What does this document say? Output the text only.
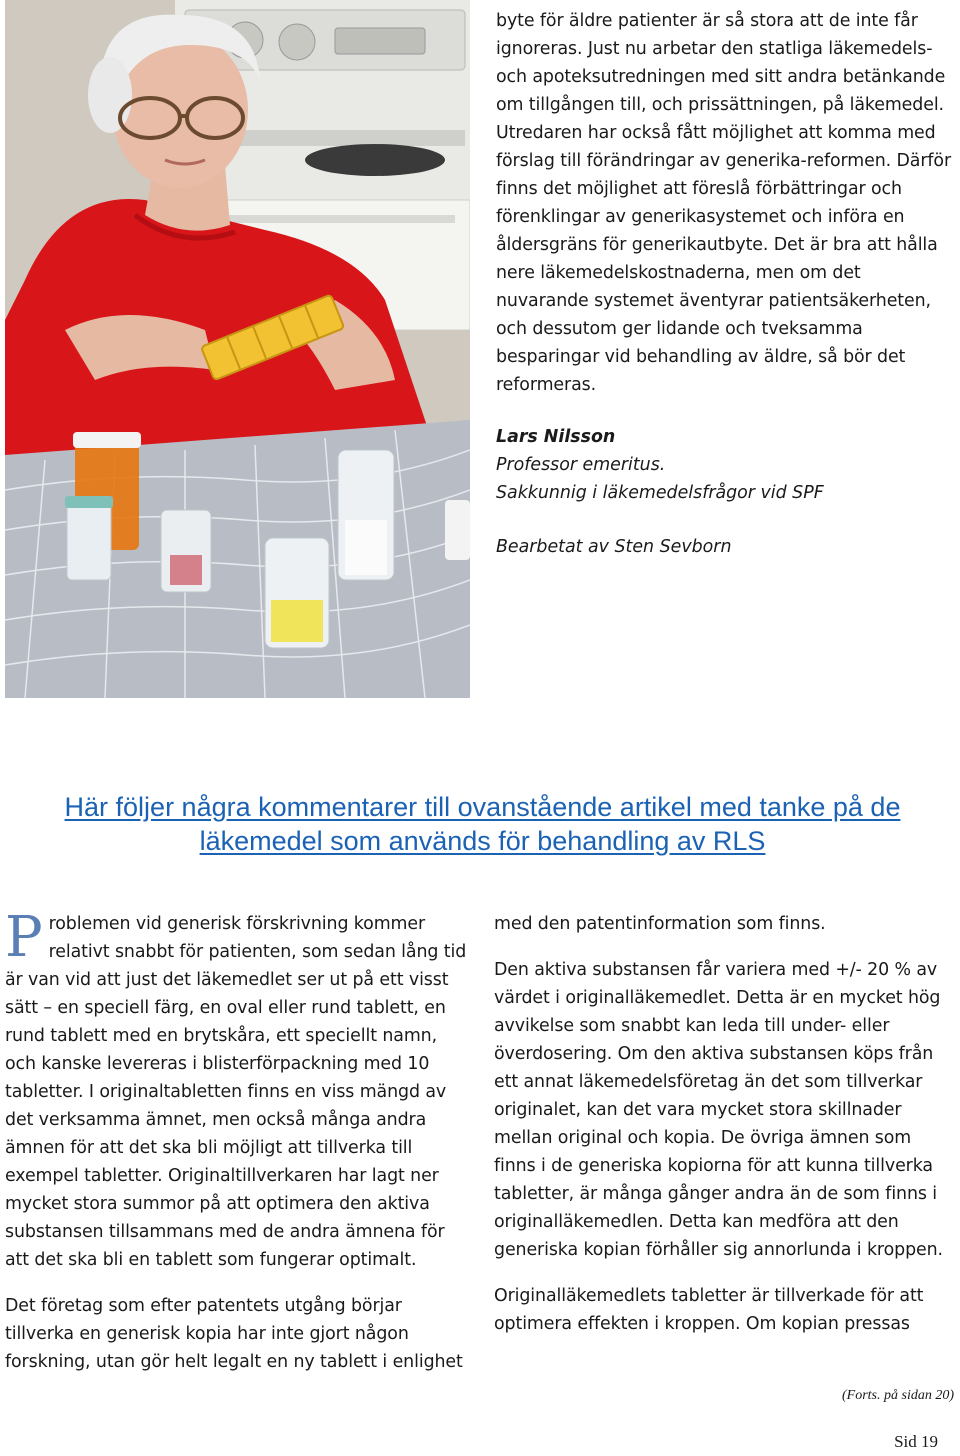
byte för äldre patienter är så stora att de inte får ignoreras. Just nu arbetar den statliga läkemedels- och apoteksutredningen med sitt andra betänkande om tillgången till, och prissättningen, på läkemedel. Utredaren har också fått möjlighet att komma med förslag till förändringar av generika-reformen. Därför finns det möjlighet att föreslå förbättringar och förenklingar av generikasystemet och införa en åldersgräns för generikautbyte. Det är bra att hålla nere läkemedelskostnaderna, men om det nuvarande systemet äventyrar patientsäkerheten, och dessutom ger lidande och tveksamma besparingar vid behandling av äldre, så bör det reformeras.

Lars Nilsson

Professor emeritus.

Sakkunnig i läkemedelsfrågor vid SPF

Bearbetat av Sten Sevborn

Här följer några kommentarer till ovanstående artikel med tanke på de
läkemedel som används för behandling av RLS

Problemen vid generisk förskrivning kommer relativt snabbt för patienten, som sedan lång tid är van vid att just det läkemedlet ser ut på ett visst sätt – en speciell färg, en oval eller rund tablett, en rund tablett med en brytskåra, ett speciellt namn, och kanske levereras i blisterförpackning med 10 tabletter. I originaltabletten finns en viss mängd av det verksamma ämnet, men också många andra ämnen för att det ska bli möjligt att tillverka till exempel tabletter. Originaltillverkaren har lagt ner mycket stora summor på att optimera den aktiva substansen tillsammans med de andra ämnena för att det ska bli en tablett som fungerar optimalt.

Det företag som efter patentets utgång börjar tillverka en generisk kopia har inte gjort någon forskning, utan gör helt legalt en ny tablett i enlighet

med den patentinformation som finns.

Den aktiva substansen får variera med +/- 20 % av värdet i originalläkemedlet. Detta är en mycket hög avvikelse som snabbt kan leda till under- eller överdosering. Om den aktiva substansen köps från ett annat läkemedelsföretag än det som tillverkar originalet, kan det vara mycket stora skillnader mellan original och kopia. De övriga ämnen som finns i de generiska kopiorna för att kunna tillverka tabletter, är många gånger andra än de som finns i originalläkemedlen. Detta kan medföra att den generiska kopian förhåller sig annorlunda i kroppen.

Originalläkemedlets tabletter är tillverkade för att optimera effekten i kroppen. Om kopian pressas

(Forts. på sidan 20)
Sid 19
